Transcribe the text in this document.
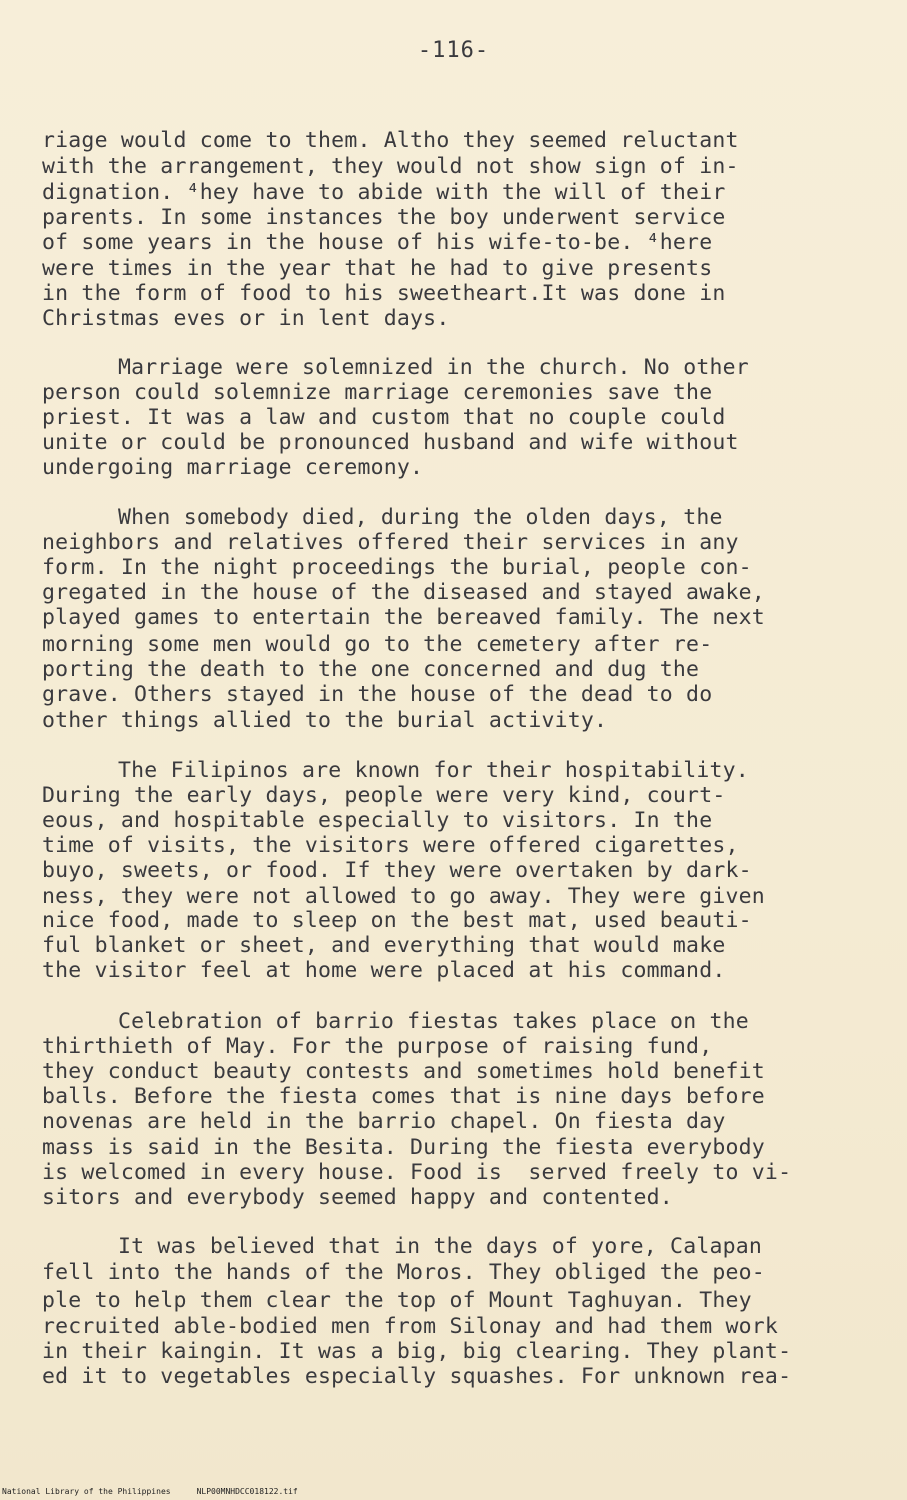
-116-
riage would come to them. Altho they seemed reluctant
with the arrangement, they would not show sign of in-
dignation. ⁴hey have to abide with the will of their
parents. In some instances the boy underwent service
of some years in the house of his wife-to-be. ⁴here
were times in the year that he had to give presents
in the form of food to his sweetheart.It was done in
Christmas eves or in lent days.
Marriage were solemnized in the church. No other
person could solemnize marriage ceremonies save the
priest. It was a law and custom that no couple could
unite or could be pronounced husband and wife without
undergoing marriage ceremony.
When somebody died, during the olden days, the
neighbors and relatives offered their services in any
form. In the night proceedings the burial, people con-
gregated in the house of the diseased and stayed awake,
played games to entertain the bereaved family. The next
morning some men would go to the cemetery after re-
porting the death to the one concerned and dug the
grave. Others stayed in the house of the dead to do
other things allied to the burial activity.
The Filipinos are known for their hospitability.
During the early days, people were very kind, court-
eous, and hospitable especially to visitors. In the
time of visits, the visitors were offered cigarettes,
buyo, sweets, or food. If they were overtaken by dark-
ness, they were not allowed to go away. They were given
nice food, made to sleep on the best mat, used beauti-
ful blanket or sheet, and everything that would make
the visitor feel at home were placed at his command.
Celebration of barrio fiestas takes place on the
thirthieth of May. For the purpose of raising fund,
they conduct beauty contests and sometimes hold benefit
balls. Before the fiesta comes that is nine days before
novenas are held in the barrio chapel. On fiesta day
mass is said in the Besita. During the fiesta everybody
is welcomed in every house. Food is  served freely to vi-
sitors and everybody seemed happy and contented.
It was believed that in the days of yore, Calapan
fell into the hands of the Moros. They obliged the peo-
ple to help them clear the top of Mount Taghuyan. They
recruited able-bodied men from Silonay and had them work
in their kaingin. It was a big, big clearing. They plant-
ed it to vegetables especially squashes. For unknown rea-
National Library of the Philippines	NLP00MNHDCC018122.tif
